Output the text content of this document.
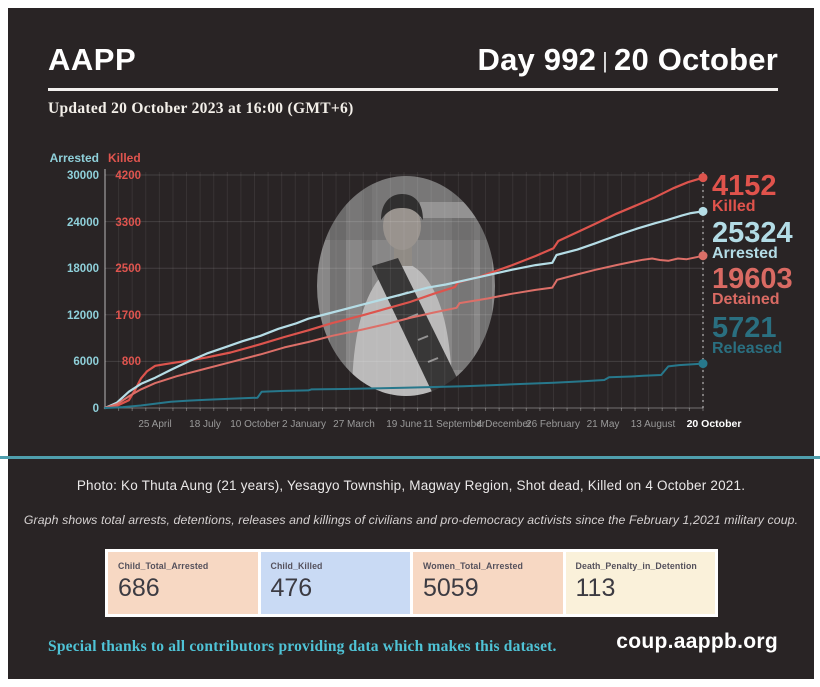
AAPP	Day 992 | 20 October
Updated 20 October 2023 at 16:00 (GMT+6)
Arrested Killed
30000
24000
18000
12000
6000
0
4200
3300
2500
1700
800
25 April 18 July 10 October 2 January 27 March 19 June 11 September
4 December
26 February 21 May 13 August 20 October
4152
Killed
25324
Arrested
19603
Detained
5721
Released
Photo: Ko Thuta Aung (21 years), Yesagyo Township, Magway Region, Shot dead, Killed on 4 October 2021.
Graph shows total arrests, detentions, releases and killings of civilians and pro-democracy activists since the February 1,2021 military coup.
Child_Total_Arrested
686
Child_Killed
476
Women_Total_Arrested
5059
Death_Penalty_in_Detention
113
Special thanks to all contributors providing data which makes this dataset.	coup.aappb.org
